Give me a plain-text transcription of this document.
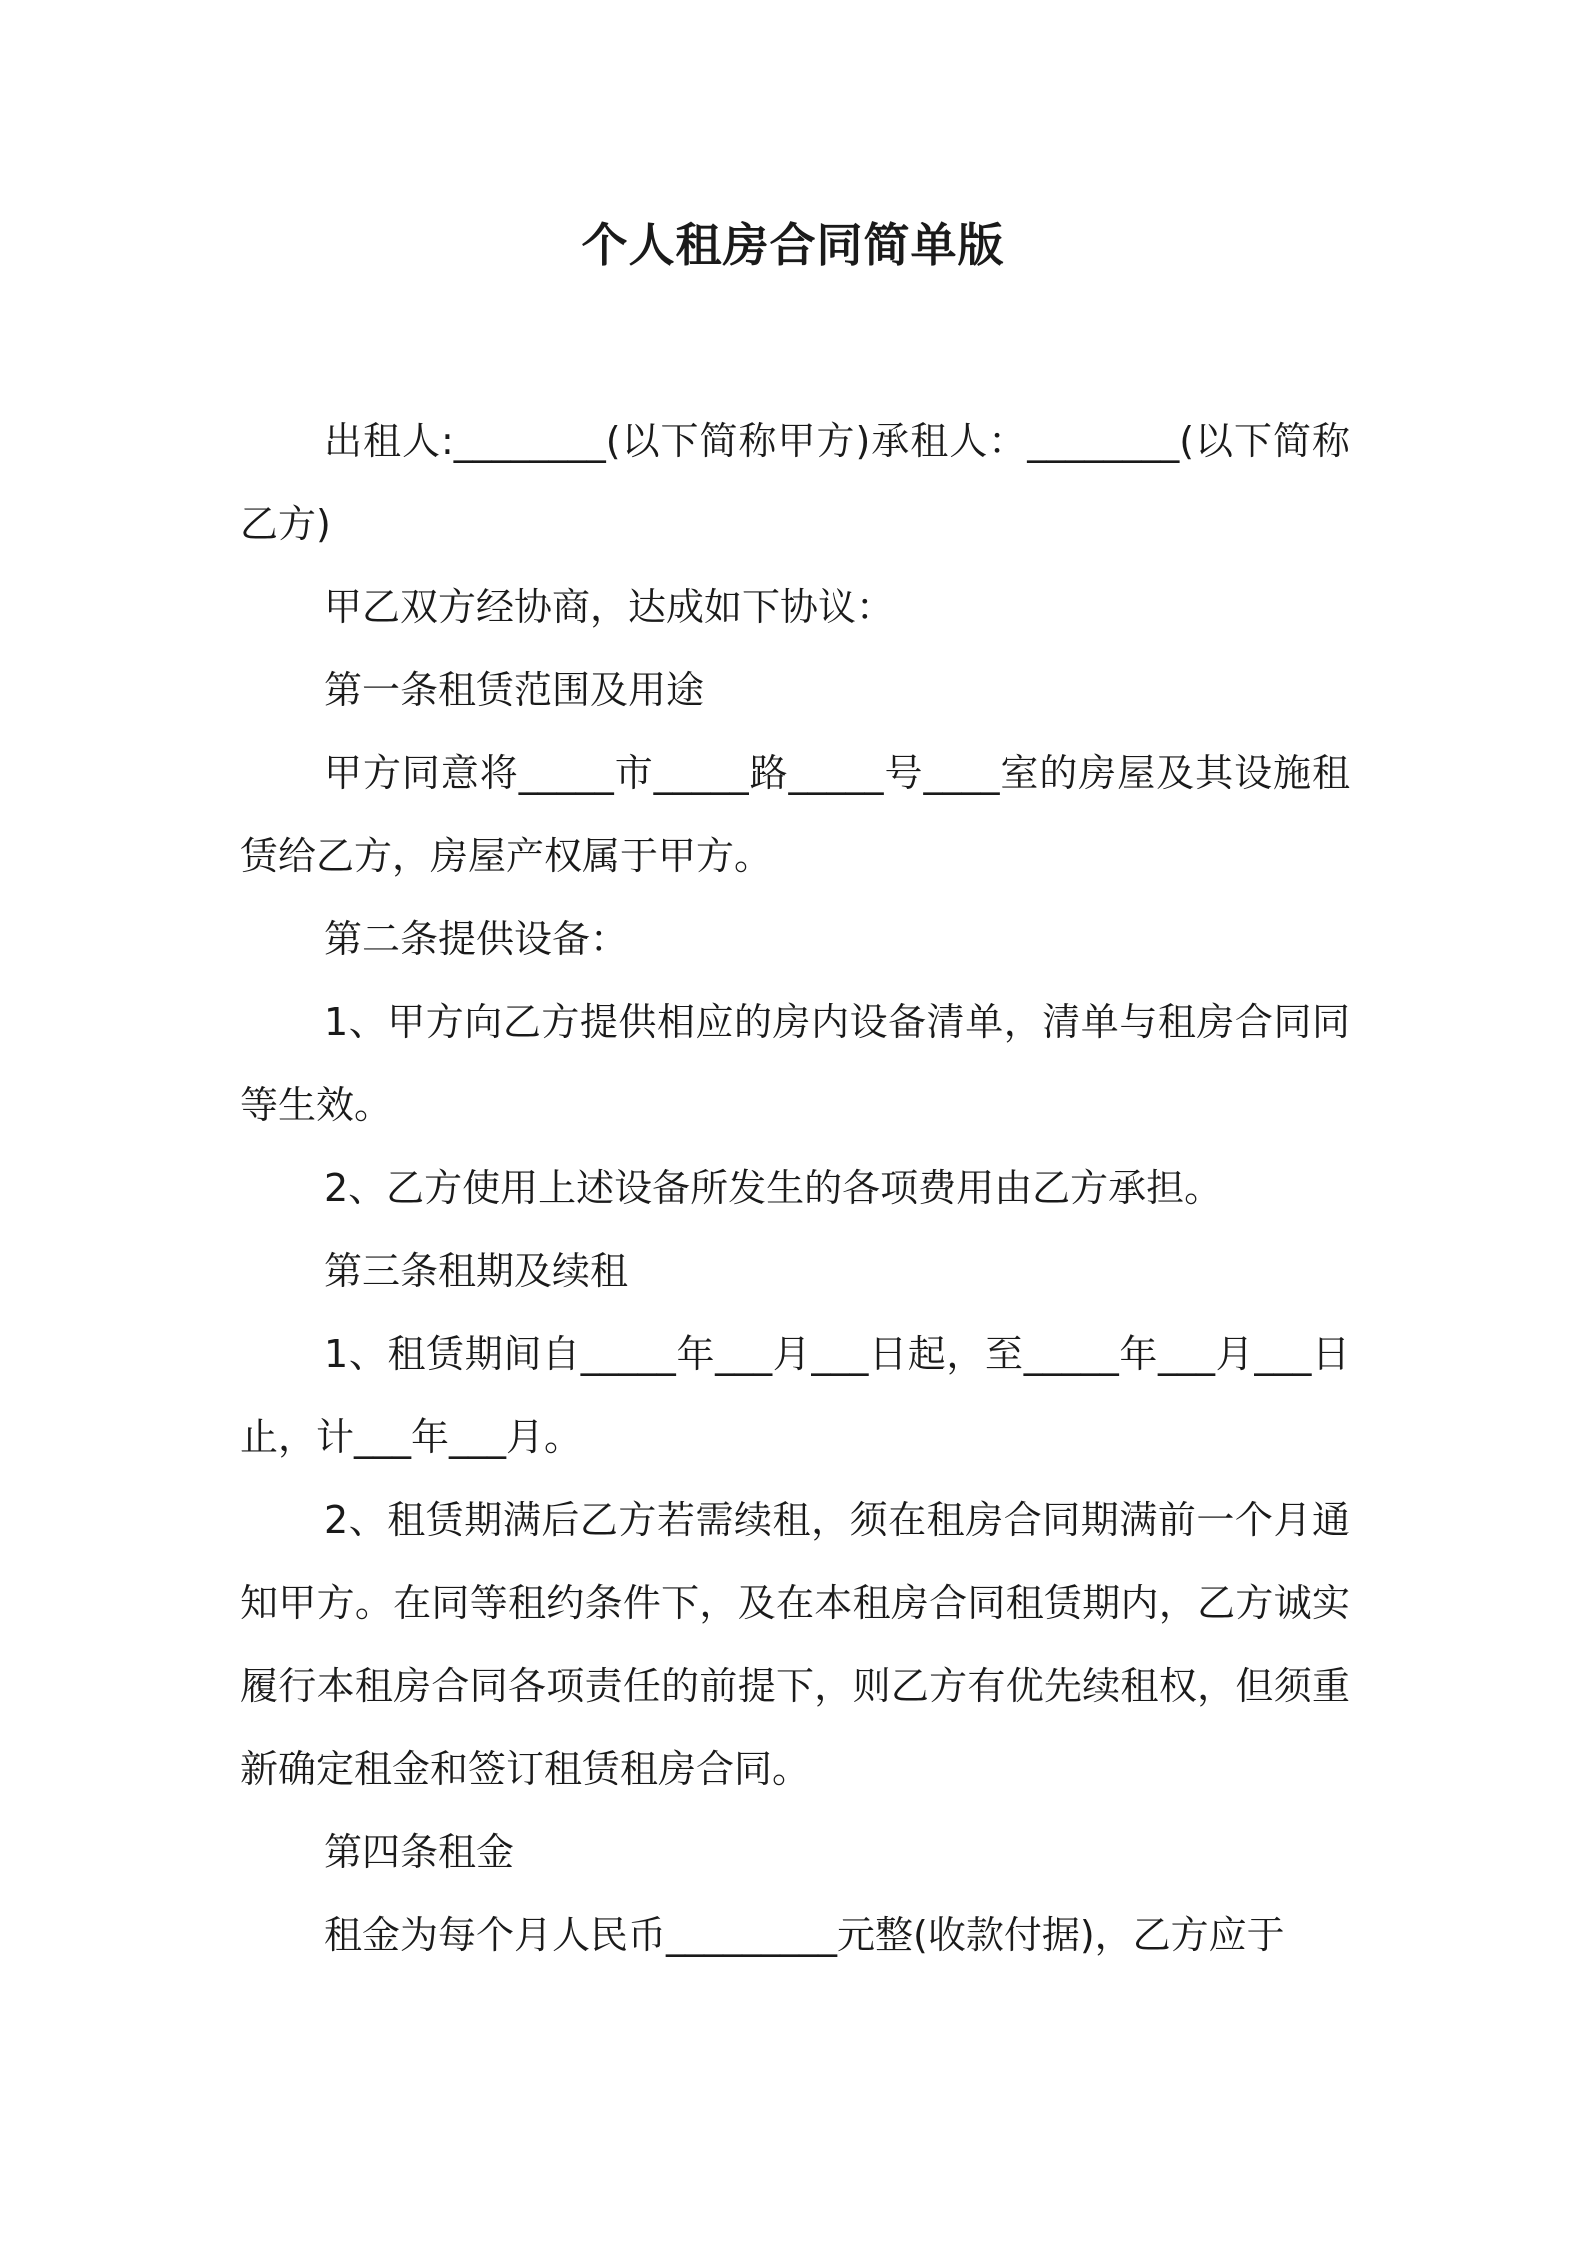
个人租房合同简单版

出租人:________(以下简称甲方)承租人：________(以下简称乙方)

甲乙双方经协商，达成如下协议：

第一条租赁范围及用途

甲方同意将_____市_____路_____号____室的房屋及其设施租赁给乙方，房屋产权属于甲方。

第二条提供设备：

1、甲方向乙方提供相应的房内设备清单，清单与租房合同同等生效。

2、乙方使用上述设备所发生的各项费用由乙方承担。

第三条租期及续租

1、租赁期间自_____年___月___日起，至_____年___月___日止，计___年___月。

2、租赁期满后乙方若需续租，须在租房合同期满前一个月通知甲方。在同等租约条件下，及在本租房合同租赁期内，乙方诚实履行本租房合同各项责任的前提下，则乙方有优先续租权，但须重新确定租金和签订租赁租房合同。

第四条租金

租金为每个月人民币_________元整(收款付据)，乙方应于
